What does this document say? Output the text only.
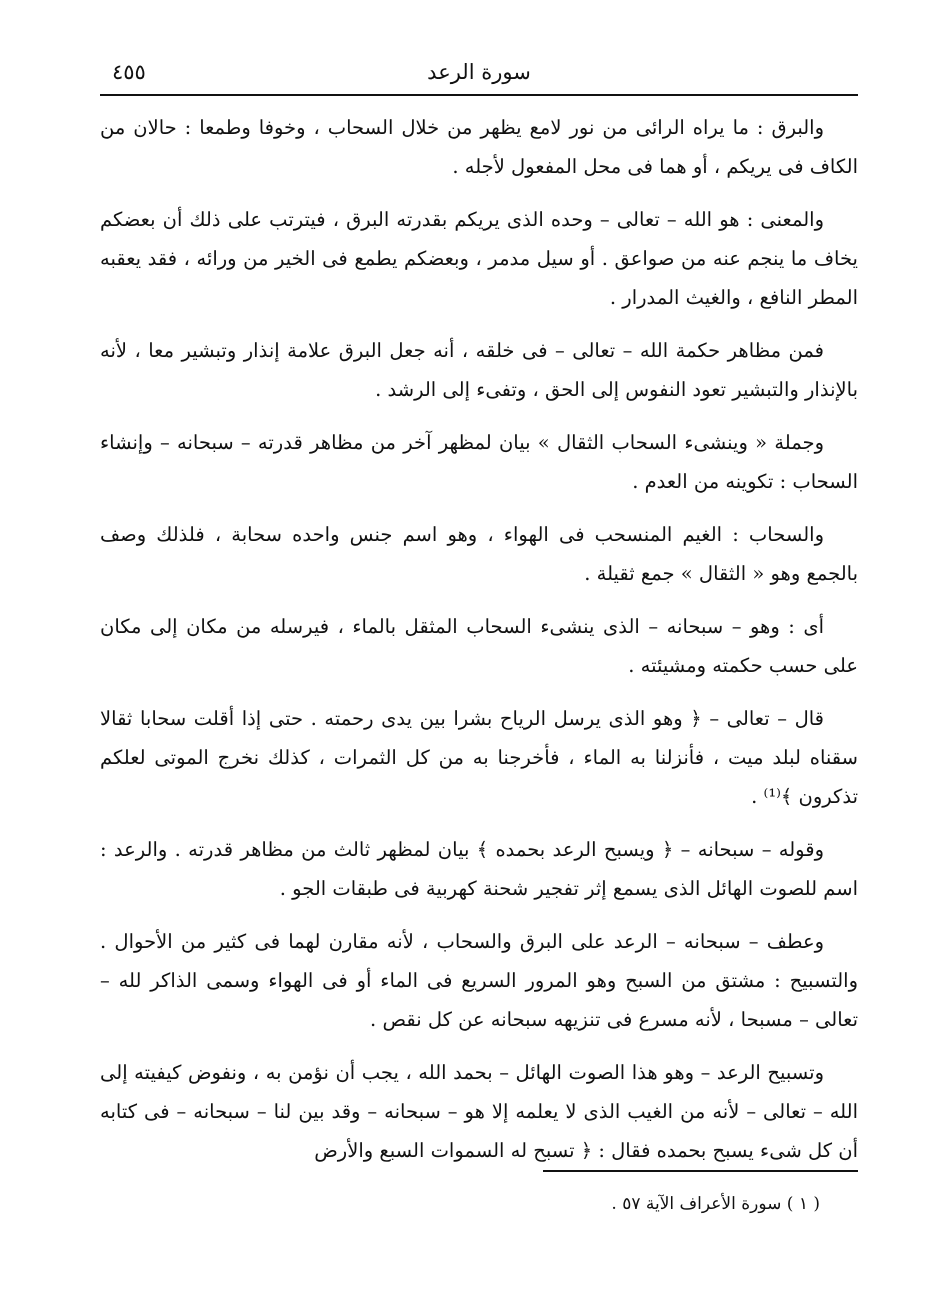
٤٥٥	سورة الرعد

والبرق : ما يراه الرائى من نور لامع يظهر من خلال السحاب ، وخوفا وطمعا : حالان من الكاف فى يريكم ، أو هما فى محل المفعول لأجله .

والمعنى : هو الله – تعالى – وحده الذى يريكم بقدرته البرق ، فيترتب على ذلك أن بعضكم يخاف ما ينجم عنه من صواعق . أو سيل مدمر ، وبعضكم يطمع فى الخير من ورائه ، فقد يعقبه المطر النافع ، والغيث المدرار .

فمن مظاهر حكمة الله – تعالى – فى خلقه ، أنه جعل البرق علامة إنذار وتبشير معا ، لأنه بالإنذار والتبشير تعود النفوس إلى الحق ، وتفىء إلى الرشد .

وجملة « وينشىء السحاب الثقال » بيان لمظهر آخر من مظاهر قدرته – سبحانه – وإنشاء السحاب : تكوينه من العدم .

والسحاب : الغيم المنسحب فى الهواء ، وهو اسم جنس واحده سحابة ، فلذلك وصف بالجمع وهو « الثقال » جمع ثقيلة .

أى : وهو – سبحانه – الذى ينشىء السحاب المثقل بالماء ، فيرسله من مكان إلى مكان على حسب حكمته ومشيئته .

قال – تعالى – ﴿ وهو الذى يرسل الرياح بشرا بين يدى رحمته . حتى إذا أقلت سحابا ثقالا سقناه لبلد ميت ، فأنزلنا به الماء ، فأخرجنا به من كل الثمرات ، كذلك نخرج الموتى لعلكم تذكرون ﴾⁽¹⁾ .

وقوله – سبحانه – ﴿ ويسبح الرعد بحمده ﴾ بيان لمظهر ثالث من مظاهر قدرته . والرعد : اسم للصوت الهائل الذى يسمع إثر تفجير شحنة كهربية فى طبقات الجو .

وعطف – سبحانه – الرعد على البرق والسحاب ، لأنه مقارن لهما فى كثير من الأحوال . والتسبيح : مشتق من السبح وهو المرور السريع فى الماء أو فى الهواء وسمى الذاكر لله – تعالى – مسبحا ، لأنه مسرع فى تنزيهه سبحانه عن كل نقص .

وتسبيح الرعد – وهو هذا الصوت الهائل – بحمد الله ، يجب أن نؤمن به ، ونفوض كيفيته إلى الله – تعالى – لأنه من الغيب الذى لا يعلمه إلا هو – سبحانه – وقد بين لنا – سبحانه – فى كتابه أن كل شىء يسبح بحمده فقال : ﴿ تسبح له السموات السبع والأرض

( ١ ) سورة الأعراف الآية ٥٧ .
